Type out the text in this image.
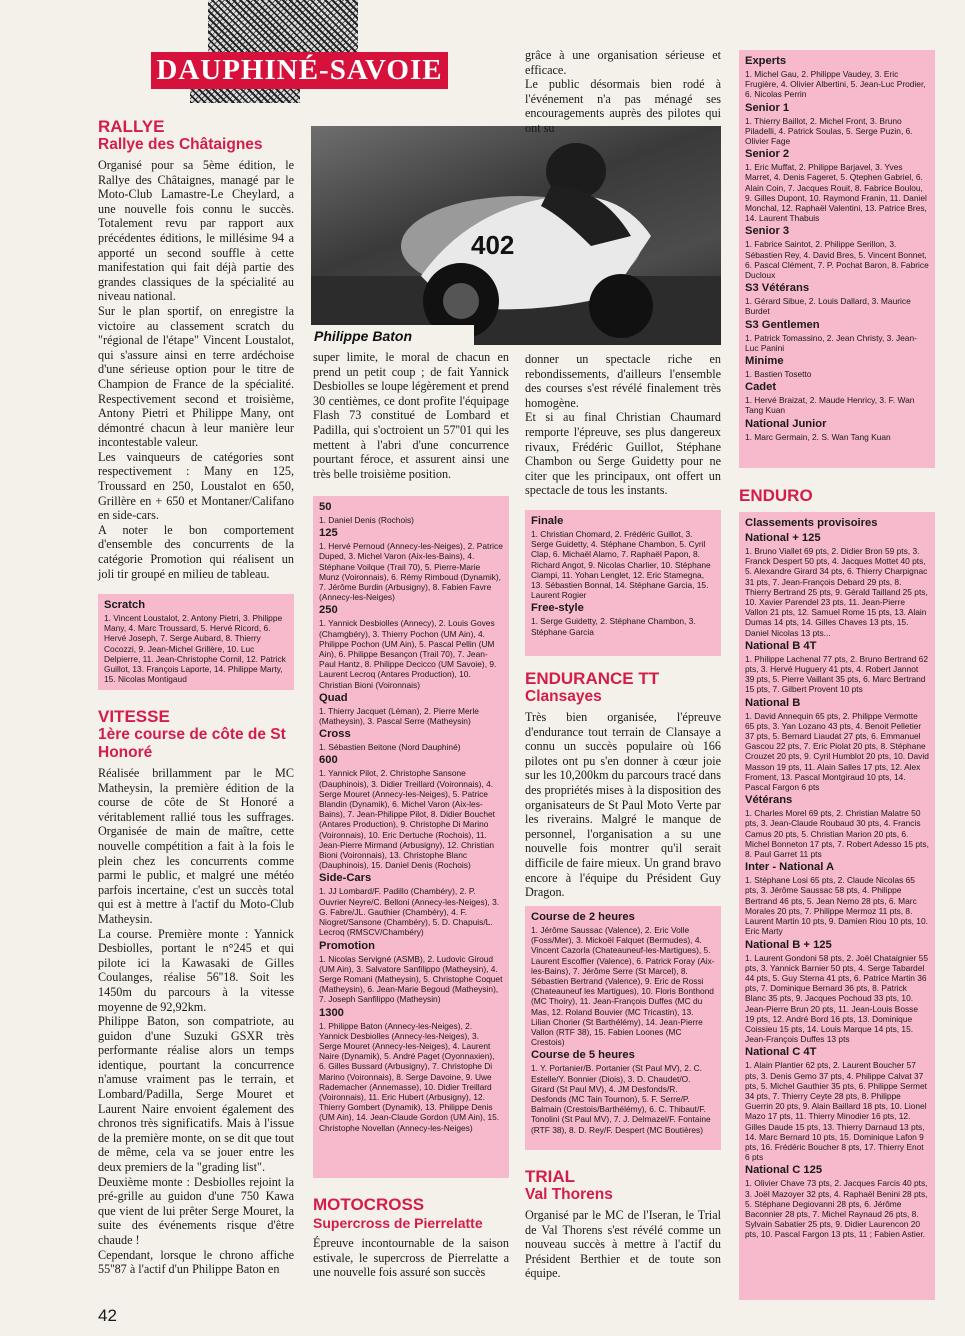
DAUPHINÉ-SAVOIE
RALLYE
Rallye des Châtaignes

Organisé pour sa 5ème édition, le Rallye des Châtaignes, managé par le Moto-Club Lamastre-Le Cheylard, a une nouvelle fois connu le succès. Totalement revu par rapport aux précédentes éditions, le millésime 94 a apporté un second souffle à cette manifestation qui fait déjà partie des grandes classiques de la spécialité au niveau national.

Sur le plan sportif, on enregistre la victoire au classement scratch du "régional de l'étape" Vincent Loustalot, qui s'assure ainsi en terre ardéchoise d'une sérieuse option pour le titre de Champion de France de la spécialité. Respectivement second et troisième, Antony Pietri et Philippe Many, ont démontré chacun à leur manière leur incontestable valeur.

Les vainqueurs de catégories sont respectivement : Many en 125, Troussard en 250, Loustalot en 650, Grillère en + 650 et Montaner/Califano en side-cars.

A noter le bon comportement d'ensemble des concurrents de la catégorie Promotion qui réalisent un joli tir groupé en milieu de tableau.

Scratch
1. Vincent Loustalot, 2. Antony Pietri, 3. Philippe Many, 4. Marc Troussard, 5. Hervé Ricord, 6. Hervé Joseph, 7. Serge Aubard, 8. Thierry Cocozzi, 9. Jean-Michel Grillère, 10. Luc Delpierre, 11. Jean-Christophe Cornil, 12. Patrick Guillot, 13. François Laporte, 14. Philippe Marty, 15. Nicolas Montigaud
VITESSE
1ère course de côte de St Honoré

Réalisée brillamment par le MC Matheysin, la première édition de la course de côte de St Honoré a véritablement rallié tous les suffrages. Organisée de main de maître, cette nouvelle compétition a fait à la fois le plein chez les concurrents comme parmi le public, et malgré une météo parfois incertaine, c'est un succès total qui est à mettre à l'actif du Moto-Club Matheysin.

La course. Première monte : Yannick Desbiolles, portant le n°245 et qui pilote ici la Kawasaki de Gilles Coulanges, réalise 56''18. Soit les 1450m du parcours à la vitesse moyenne de 92,92km.

Philippe Baton, son compatriote, au guidon d'une Suzuki GSXR très performante réalise alors un temps identique, pourtant la concurrence n'amuse vraiment pas le terrain, et Lombard/Padilla, Serge Mouret et Laurent Naire envoient également des chronos très significatifs. Mais à l'issue de la première monte, on se dit que tout de même, cela va se jouer entre les deux premiers de la "grading list".

Deuxième monte : Desbiolles rejoint la pré-grille au guidon d'une 750 Kawa que vient de lui prêter Serge Mouret, la suite des événements risque d'être chaude !

Cependant, lorsque le chrono affiche 55''87 à l'actif d'un Philippe Baton en

402
Philippe Baton
super limite, le moral de chacun en prend un petit coup ; de fait Yannick Desbiolles se loupe légèrement et prend 30 centièmes, ce dont profite l'équipage Flash 73 constitué de Lombard et Padilla, qui s'octroient un 57''01 qui les mettent à l'abri d'une concurrence pourtant féroce, et assurent ainsi une très belle troisième position.
50
1. Daniel Denis (Rochois)
125
1. Hervé Pernoud (Annecy-les-Neiges), 2. Patrice Duped, 3. Michel Varon (Aix-les-Bains), 4. Stéphane Voilque (Trail 70), 5. Pierre-Marie Munz (Voironnais), 6. Rémy Rimboud (Dynamik), 7. Jérôme Burdin (Arbusigny), 8. Fabien Favre (Annecy-les-Neiges)
250
1. Yannick Desbiolles (Annecy), 2. Louis Goves (Chamgbéry), 3. Thierry Pochon (UM Ain), 4. Philippe Pochon (UM Ain), 5. Pascal Pellin (UM Ain), 6. Philippe Besançon (Trail 70), 7. Jean-Paul Hantz, 8. Philippe Decicco (UM Savoie), 9. Laurent Lecroq (Antares Production), 10. Christian Bioni (Voironnais)
Quad
1. Thierry Jacquet (Léman), 2. Pierre Merle (Matheysin), 3. Pascal Serre (Matheysin)
Cross
1. Sébastien Beitone (Nord Dauphiné)
600
1. Yannick Pilot, 2. Christophe Sansone (Dauphinois), 3. Didier Treillard (Voironnais), 4. Serge Mouret (Annecy-les-Neiges), 5. Patrice Blandin (Dynamik), 6. Michel Varon (Aix-les-Bains), 7. Jean-Philippe Pilot, 8. Didier Bouchet (Antares Production), 9. Christophe Di Marino (Voironnais), 10. Eric Dertuche (Rochois), 11. Jean-Pierre Mirmand (Arbusigny), 12. Christian Bioni (Voironnais), 13. Christophe Blanc (Dauphinois), 15. Daniel Denis (Rochois)
Side-Cars
1. JJ Lombard/F. Padillo (Chambéry), 2. P. Ouvrier Neyre/C. Belloni (Annecy-les-Neiges), 3. G. Fabre/JL. Gauthier (Chambéry), 4. F. Niogret/Sansone (Chambéry), 5. D. Chapuis/L. Lecroq (RMSCV/Chambéry)
Promotion
1. Nicolas Servigné (ASMB), 2. Ludovic Giroud (UM Ain), 3. Salvatore Sanfilippo (Matheysin), 4. Serge Romani (Matheysin), 5. Christophe Coquet (Matheysin), 6. Jean-Marie Begoud (Matheysin), 7. Joseph Sanfilippo (Matheysin)
1300
1. Philippe Baton (Annecy-les-Neiges), 2. Yannick Desbiolles (Annecy-les-Neiges), 3. Serge Mouret (Annecy-les-Neiges), 4. Laurent Naire (Dynamik), 5. André Paget (Oyonnaxien), 6. Gilles Bussard (Arbusigny), 7. Christophe Di Marino (Voironnais), 8. Serge Davoine, 9. Uwe Rademacher (Annemasse), 10. Didier Treillard (Voironnais), 11. Eric Hubert (Arbusigny), 12. Thierry Gombert (Dynamik), 13. Philippe Denis (UM Ain), 14. Jean-Claude Gordon (UM Ain), 15. Christophe Novellan (Annecy-les-Neiges)
MOTOCROSS
Supercross de Pierrelatte
Épreuve incontournable de la saison estivale, le supercross de Pierrelatte a une nouvelle fois assuré son succès

grâce à une organisation sérieuse et efficace.

Le public désormais bien rodé à l'événement n'a pas ménagé ses encouragements auprès des pilotes qui ont su

donner un spectacle riche en rebondissements, d'ailleurs l'ensemble des courses s'est révélé finalement très homogène.

Et si au final Christian Chaumard remporte l'épreuve, ses plus dangereux rivaux, Frédéric Guillot, Stéphane Chambon ou Serge Guidetty pour ne citer que les principaux, ont offert un spectacle de tous les instants.

Finale
1. Christian Chomard, 2. Frédéric Guillot, 3. Serge Guidetty, 4. Stéphane Chambon, 5. Cyril Clap, 6. Michaël Alamo, 7. Raphaël Papon, 8. Richard Angot, 9. Nicolas Charlier, 10. Stéphane Ciampi, 11. Yohan Lenglet, 12. Eric Stamegna, 13. Sébastien Bonnal, 14. Stéphane Garcia, 15. Laurent Rogier
Free-style
1. Serge Guidetty, 2. Stéphane Chambon, 3. Stéphane Garcia
ENDURANCE TT
Clansayes
Très bien organisée, l'épreuve d'endurance tout terrain de Clansaye a connu un succès populaire où 166 pilotes ont pu s'en donner à cœur joie sur les 10,200km du parcours tracé dans des propriétés mises à la disposition des organisateurs de St Paul Moto Verte par les riverains. Malgré le manque de personnel, l'organisation a su une nouvelle fois montrer qu'il serait difficile de faire mieux. Un grand bravo encore à l'équipe du Président Guy Dragon.
Course de 2 heures
1. Jérôme Saussac (Valence), 2. Eric Volle (Foss/Mer), 3. Mickoël Falquet (Bermudes), 4. Vincent Cazorla (Chateauneuf-les-Martigues), 5. Laurent Escoffier (Valence), 6. Patrick Foray (Aix-les-Bains), 7. Jérôme Serre (St Marcel), 8. Sébastien Bertrand (Valence), 9. Eric de Rossi (Chateauneuf les Martigues), 10. Floris Bonthond (MC Thoiry), 11. Jean-François Duffes (MC du Mas, 12. Roland Bouvier (MC Tricastin), 13. Lilian Chorier (St Barthélémy), 14. Jean-Pierre Vallon (RTF 38), 15. Fabien Loones (MC Crestois)
Course de 5 heures
1. Y. Portanier/B. Portanier (St Paul MV), 2. C. Estelle/Y. Bonnier (Diois), 3. D. Chaudet/O. Girard (St Paul MV), 4. JM Desfonds/R. Desfonds (MC Tain Tournon), 5. F. Serre/P. Balmain (Crestois/Barthélémy), 6. C. Thibaut/F. Tonolini (St Paul MV), 7. J. Delmazel/F. Fontaine (RTF 38), 8. D. Rey/F. Despert (MC Boutières)
TRIAL
Val Thorens
Organisé par le MC de l'Iseran, le Trial de Val Thorens s'est révélé comme un nouveau succès à mettre à l'actif du Président Berthier et de toute son équipe.
Experts
1. Michel Gau, 2. Philippe Vaudey, 3. Eric Frugière, 4. Olivier Albertini, 5. Jean-Luc Prodier, 6. Nicolas Perrin
Senior 1
1. Thierry Baillot, 2. Michel Front, 3. Bruno Piladelli, 4. Patrick Soulas, 5. Serge Puzin, 6. Olivier Fage
Senior 2
1. Eric Muffat, 2. Philippe Barjavel, 3. Yves Marret, 4. Denis Fageret, 5. Qtephen Gabriel, 6. Alain Coin, 7. Jacques Rouit, 8. Fabrice Boulou, 9. Gilles Dupont, 10. Raymond Franin, 11. Daniel Monchal, 12. Raphaël Valentini, 13. Patrice Bres, 14. Laurent Thabuis
Senior 3
1. Fabrice Saintot, 2. Philippe Serillon, 3. Sébastien Rey, 4. David Bres, 5. Vincent Bonnet, 6. Pascal Clément, 7. P. Pochat Baron, 8. Fabrice Ducloux
S3 Vétérans
1. Gérard Sibue, 2. Louis Dallard, 3. Maurice Burdet
S3 Gentlemen
1. Patrick Tomassino, 2. Jean Christy, 3. Jean-Luc Panini
Minime
1. Bastien Tosetto
Cadet
1. Hervé Braizat, 2. Maude Henricy, 3. F. Wan Tang Kuan
National Junior
1. Marc Germain, 2. S. Wan Tang Kuan
ENDURO
Classements provisoires
National + 125
1. Bruno Viallet 69 pts, 2. Didier Bron 59 pts, 3. Franck Despert 50 pts, 4. Jacques Mottet 40 pts, 5. Alexandre Girard 34 pts, 6. Thierry Charpignac 31 pts, 7. Jean-François Debard 29 pts, 8. Thierry Bertrand 25 pts, 9. Gérald Tailland 25 pts, 10. Xavier Parendel 23 pts, 11. Jean-Pierre Vallon 21 pts, 12. Samuel Rome 15 pts, 13. Alain Dumas 14 pts, 14. Gilles Chaves 13 pts, 15. Daniel Nicolas 13 pts...
National B 4T
1. Philippe Lachenal 77 pts, 2. Bruno Bertrand 62 pts, 3. Hervé Huguery 41 pts, 4. Robert Jannot 39 pts, 5. Pierre Vaillant 35 pts, 6. Marc Bertrand 15 pts, 7. Gilbert Provent 10 pts
National B
1. David Annequin 65 pts, 2. Philippe Vermotte 65 pts, 3. Yan Lozano 43 pts, 4. Benoit Pelletier 37 pts, 5. Bernard Liaudat 27 pts, 6. Emmanuel Gascou 22 pts, 7. Eric Piolat 20 pts, 8. Stéphane Crouzet 20 pts, 9. Cyril Humblot 20 pts, 10. David Masson 19 pts, 11. Alain Salles 17 pts, 12. Alex Froment, 13. Pascal Montgiraud 10 pts, 14. Pascal Fargon 6 pts
Vétérans
1. Charles Morel 69 pts, 2. Christian Malatre 50 pts, 3. Jean-Claude Roubaud 30 pts, 4. Francis Camus 20 pts, 5. Christian Marion 20 pts, 6. Michel Bonneton 17 pts, 7. Robert Adesso 15 pts, 8. Paul Garret 11 pts
Inter - National A
1. Stéphane Losi 65 pts, 2. Claude Nicolas 65 pts, 3. Jérôme Saussac 58 pts, 4. Philippe Bertrand 46 pts, 5. Jean Nemo 28 pts, 6. Marc Morales 20 pts, 7. Philippe Mermoz 11 pts, 8. Laurent Martin 10 pts, 9. Damien Riou 10 pts, 10. Eric Marty
National B + 125
1. Laurent Gondoni 58 pts, 2. Joël Chataignier 55 pts, 3. Yannick Barnier 50 pts, 4. Serge Tabardel 44 pts, 5. Guy Sterna 41 pts, 6. Patrice Martin 36 pts, 7. Dominique Bernard 36 pts, 8. Patrick Blanc 35 pts, 9. Jacques Pochoud 33 pts, 10. Jean-Pierre Brun 20 pts, 11. Jean-Louis Bosse 19 pts, 12. André Bord 16 pts, 13. Dominique Coissieu 15 pts, 14. Louis Marque 14 pts, 15. Jean-François Duffes 13 pts
National C 4T
1. Alain Plantier 62 pts, 2. Laurent Boucher 57 pts, 3. Denis Gemo 37 pts, 4. Philippe Calvat 37 pts, 5. Michel Gauthier 35 pts, 6. Philippe Sermet 34 pts, 7. Thierry Ceyte 28 pts, 8. Philippe Guerrin 20 pts, 9. Alain Baillard 18 pts, 10. Lionel Mazo 17 pts, 11. Thierry Minodier 16 pts, 12. Gilles Daude 15 pts, 13. Thierry Darnaud 13 pts, 14. Marc Bernard 10 pts, 15. Dominique Lafon 9 pts, 16. Frédéric Boucher 8 pts, 17. Thierry Enot 6 pts
National C 125
1. Olivier Chave 73 pts, 2. Jacques Farcis 40 pts, 3. Joël Mazoyer 32 pts, 4. Raphaël Benini 28 pts, 5. Stéphane Degiovanni 28 pts, 6. Jérôme Baconnier 28 pts, 7. Michel Raynaud 26 pts, 8. Sylvain Sabatier 25 pts, 9. Didier Laurencon 20 pts, 10. Pascal Fargon 13 pts, 11 ; Fabien Astier.
42
